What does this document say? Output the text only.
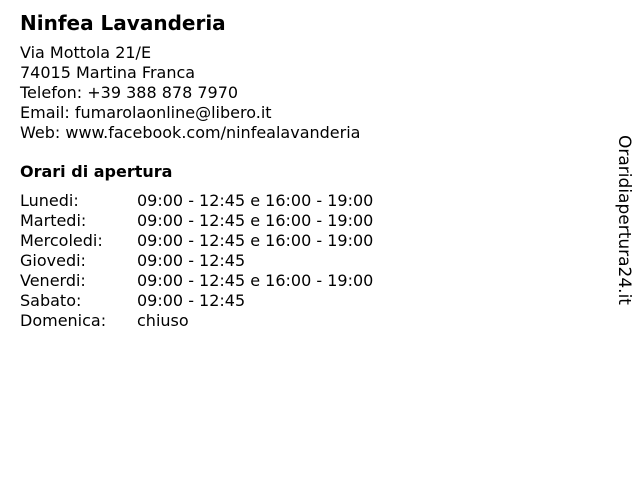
Ninfea Lavanderia
Via Mottola 21/E
74015 Martina Franca
Telefon: +39 388 878 7970
Email: fumarolaonline@libero.it
Web: www.facebook.com/ninfealavanderia
Orari di apertura
Lunedi:	09:00 - 12:45 e 16:00 - 19:00
Martedi:	09:00 - 12:45 e 16:00 - 19:00
Mercoledi:	09:00 - 12:45 e 16:00 - 19:00
Giovedi:	09:00 - 12:45
Venerdi:	09:00 - 12:45 e 16:00 - 19:00
Sabato:	09:00 - 12:45
Domenica:	chiuso
Oraridiapertura24.it
